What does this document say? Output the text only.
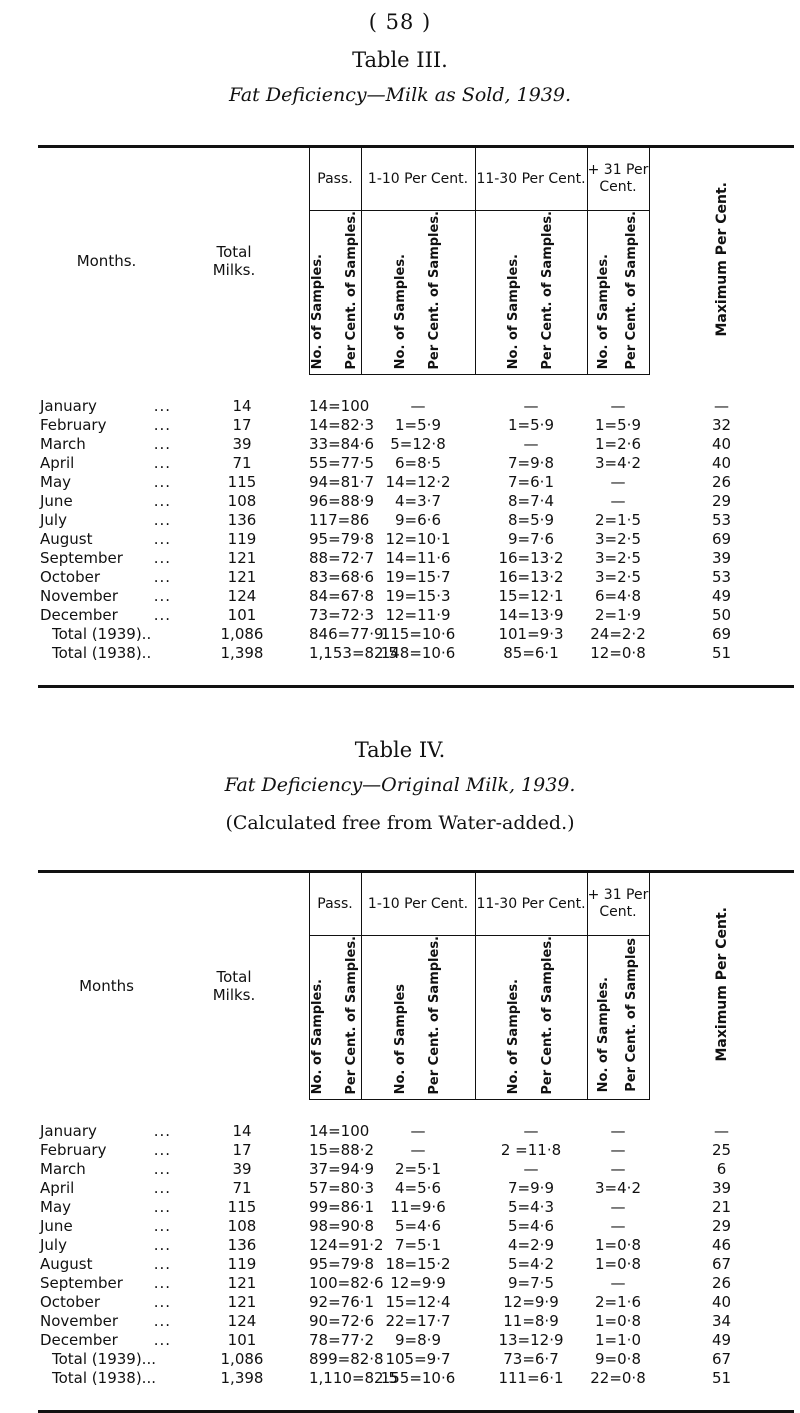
( 58 )
Table III.
Fat Deficiency—Milk as Sold, 1939.

Months.	Total Milks.	Pass.	1-10 Per Cent.	11-30 Per Cent.	+ 31 Per Cent.	Maximum Per Cent.
		No. of Samples. Per Cent. of Samples.	No. of Samples. Per Cent. of Samples.	No. of Samples. Per Cent. of Samples.	No. of Samples. Per Cent. of Samples.	

January ...	14	14=100	—	—	—	—
February ...	17	14=82·3	1=5·9	1=5·9	1=5·9	32
March ...	39	33=84·6	5=12·8	—	1=2·6	40
April ...	71	55=77·5	6=8·5	7=9·8	3=4·2	40
May ...	115	94=81·7	14=12·2	7=6·1	—	26
June ...	108	96=88·9	4=3·7	8=7·4	—	29
July ...	136	117=86	9=6·6	8=5·9	2=1·5	53
August ...	119	95=79·8	12=10·1	9=7·6	3=2·5	69
September ...	121	88=72·7	14=11·6	16=13·2	3=2·5	39
October ...	121	83=68·6	19=15·7	16=13·2	3=2·5	53
November ...	124	84=67·8	19=15·3	15=12·1	6=4·8	49
December ...	101	73=72·3	12=11·9	14=13·9	2=1·9	50
Total (1939)..	1,086	846=77·9	115=10·6	101=9·3	24=2·2	69
Total (1938)..	1,398	1,153=82·5	148=10·6	85=6·1	12=0·8	51

Table IV.
Fat Deficiency—Original Milk, 1939.
(Calculated free from Water-added.)

Months	Total Milks.	Pass.	1-10 Per Cent.	11-30 Per Cent.	+ 31 Per Cent.	Maximum Per Cent.
		No. of Samples. Per Cent. of Samples.	No. of Samples Per Cent. of Samples.	No. of Samples. Per Cent. of Samples.	No. of Samples. Per Cent. of Samples	

January ...	14	14=100	—	—	—	—
February ...	17	15=88·2	—	2 =11·8	—	25
March ...	39	37=94·9	2=5·1	—	—	6
April ...	71	57=80·3	4=5·6	7=9·9	3=4·2	39
May ...	115	99=86·1	11=9·6	5=4·3	—	21
June ...	108	98=90·8	5=4·6	5=4·6	—	29
July ...	136	124=91·2	7=5·1	4=2·9	1=0·8	46
August ...	119	95=79·8	18=15·2	5=4·2	1=0·8	67
September ...	121	100=82·6	12=9·9	9=7·5	—	26
October ...	121	92=76·1	15=12·4	12=9·9	2=1·6	40
November ...	124	90=72·6	22=17·7	11=8·9	1=0·8	34
December ...	101	78=77·2	9=8·9	13=12·9	1=1·0	49
Total (1939)...	1,086	899=82·8	105=9·7	73=6·7	9=0·8	67
Total (1938)...	1,398	1,110=82·5	155=10·6	111=6·1	22=0·8	51
